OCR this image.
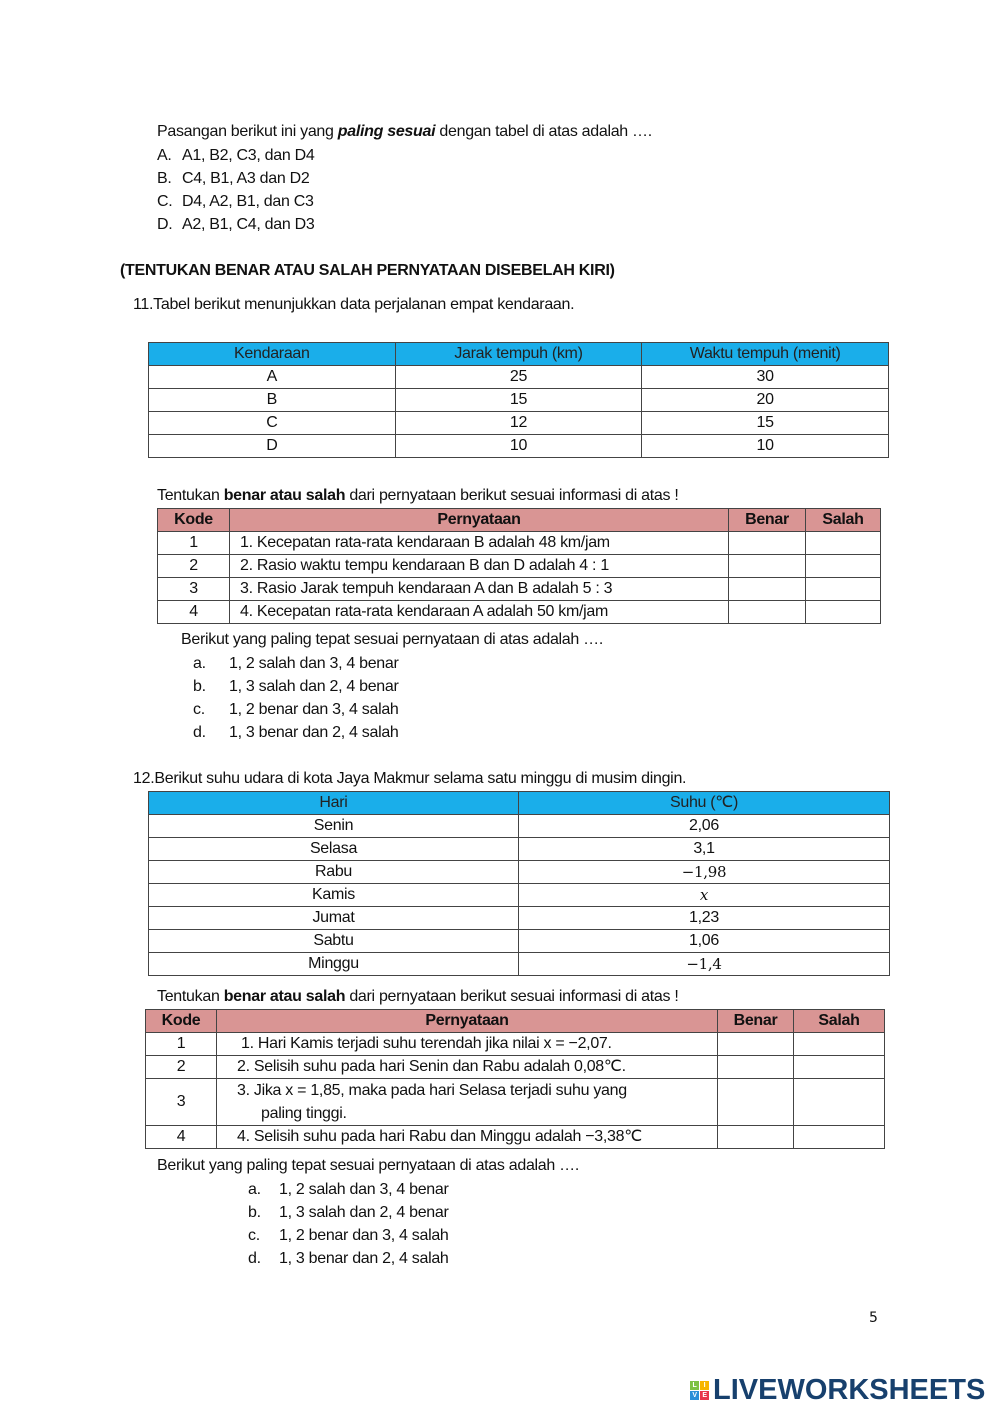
Pasangan berikut ini yang paling sesuai dengan tabel di atas adalah ….
A. A1, B2, C3, dan D4
B. C4, B1, A3 dan D2
C. D4, A2, B1, dan C3
D. A2, B1, C4, dan D3
(TENTUKAN BENAR ATAU SALAH PERNYATAAN DISEBELAH KIRI)
11.Tabel berikut menunjukkan data perjalanan empat kendaraan.
Kendaraan	Jarak tempuh (km)	Waktu tempuh (menit)
A	25	30
B	15	20
C	12	15
D	10	10
Tentukan benar atau salah dari pernyataan berikut sesuai informasi di atas !
Kode	Pernyataan	Benar	Salah
1	1. Kecepatan rata-rata kendaraan B adalah 48 km/jam		
2	2. Rasio waktu tempu kendaraan B dan D adalah 4 : 1		
3	3. Rasio Jarak tempuh kendaraan A dan B adalah 5 : 3		
4	4. Kecepatan rata-rata kendaraan A adalah 50 km/jam		
Berikut yang paling tepat sesuai pernyataan di atas adalah ….
a. 1, 2 salah dan 3, 4 benar
b. 1, 3 salah dan 2, 4 benar
c. 1, 2 benar dan 3, 4 salah
d. 1, 3 benar dan 2, 4 salah
12.Berikut suhu udara di kota Jaya Makmur selama satu minggu di musim dingin.
Hari	Suhu (℃)
Senin	2,06
Selasa	3,1
Rabu	−1,98
Kamis	x
Jumat	1,23
Sabtu	1,06
Minggu	−1,4
Tentukan benar atau salah dari pernyataan berikut sesuai informasi di atas !
Kode	Pernyataan	Benar	Salah
1	1. Hari Kamis terjadi suhu terendah jika nilai x = −2,07.		
2	2. Selisih suhu pada hari Senin dan Rabu adalah 0,08℃.		
3	3. Jika x = 1,85, maka pada hari Selasa terjadi suhu yang
paling tinggi.		

4	4. Selisih suhu pada hari Rabu dan Minggu adalah −3,38℃		
Berikut yang paling tepat sesuai pernyataan di atas adalah ….
a. 1, 2 salah dan 3, 4 benar
b. 1, 3 salah dan 2, 4 benar
c. 1, 2 benar dan 3, 4 salah
d. 1, 3 benar dan 2, 4 salah
5
L	I
V E LIVEWORKSHEETS
